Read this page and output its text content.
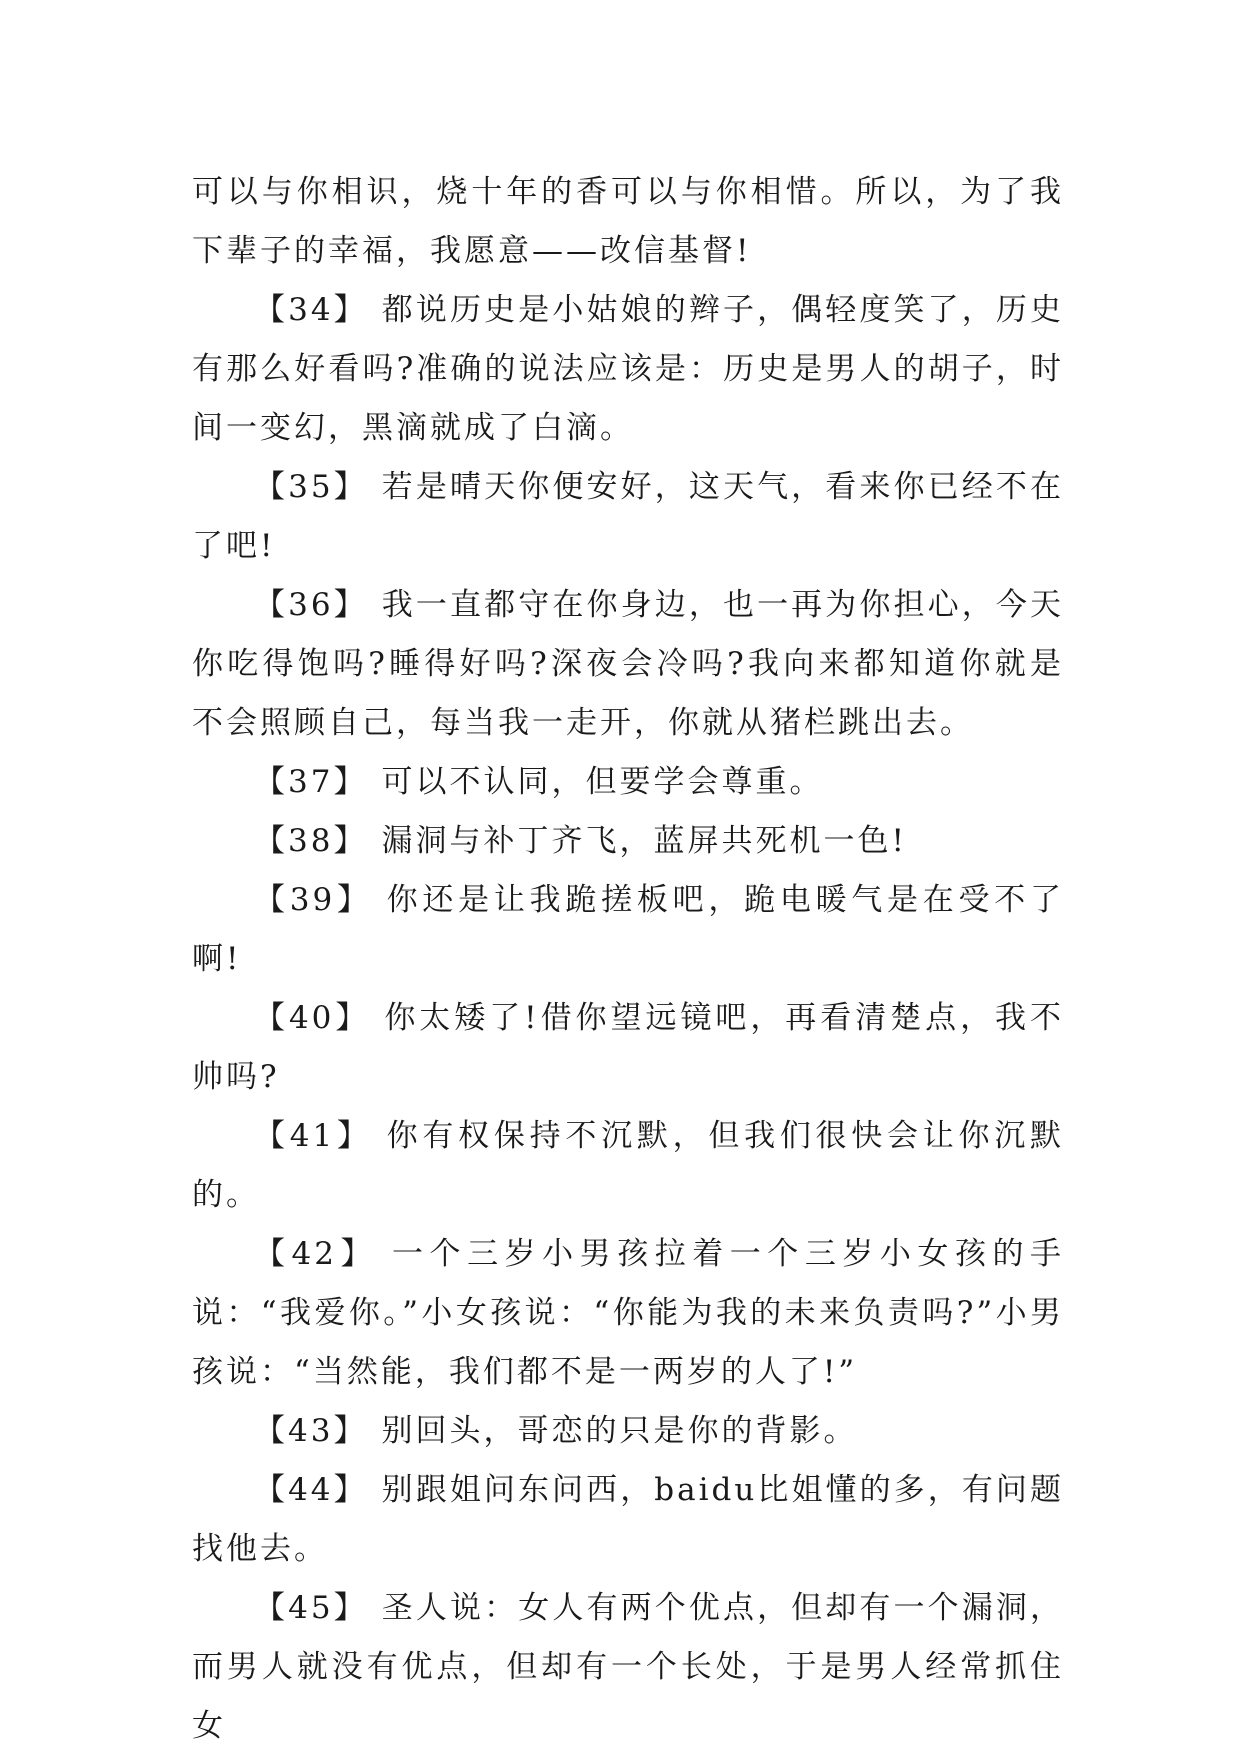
可以与你相识，烧十年的香可以与你相惜。所以，为了我下辈子的幸福，我愿意——改信基督!

【34】 都说历史是小姑娘的辫子，偶轻度笑了，历史有那么好看吗?准确的说法应该是：历史是男人的胡子，时间一变幻，黑滴就成了白滴。

【35】 若是晴天你便安好，这天气，看来你已经不在了吧!

【36】 我一直都守在你身边，也一再为你担心，今天你吃得饱吗?睡得好吗?深夜会冷吗?我向来都知道你就是不会照顾自己，每当我一走开，你就从猪栏跳出去。

【37】 可以不认同，但要学会尊重。

【38】 漏洞与补丁齐飞，蓝屏共死机一色!

【39】 你还是让我跪搓板吧，跪电暖气是在受不了啊!

【40】 你太矮了!借你望远镜吧，再看清楚点，我不帅吗?

【41】 你有权保持不沉默，但我们很快会让你沉默的。

【42】 一个三岁小男孩拉着一个三岁小女孩的手说：“我爱你。”小女孩说：“你能为我的未来负责吗?”小男孩说：“当然能，我们都不是一两岁的人了!”

【43】 别回头，哥恋的只是你的背影。

【44】 别跟姐问东问西，baidu比姐懂的多，有问题找他去。

【45】 圣人说：女人有两个优点，但却有一个漏洞，而男人就没有优点，但却有一个长处，于是男人经常抓住女
